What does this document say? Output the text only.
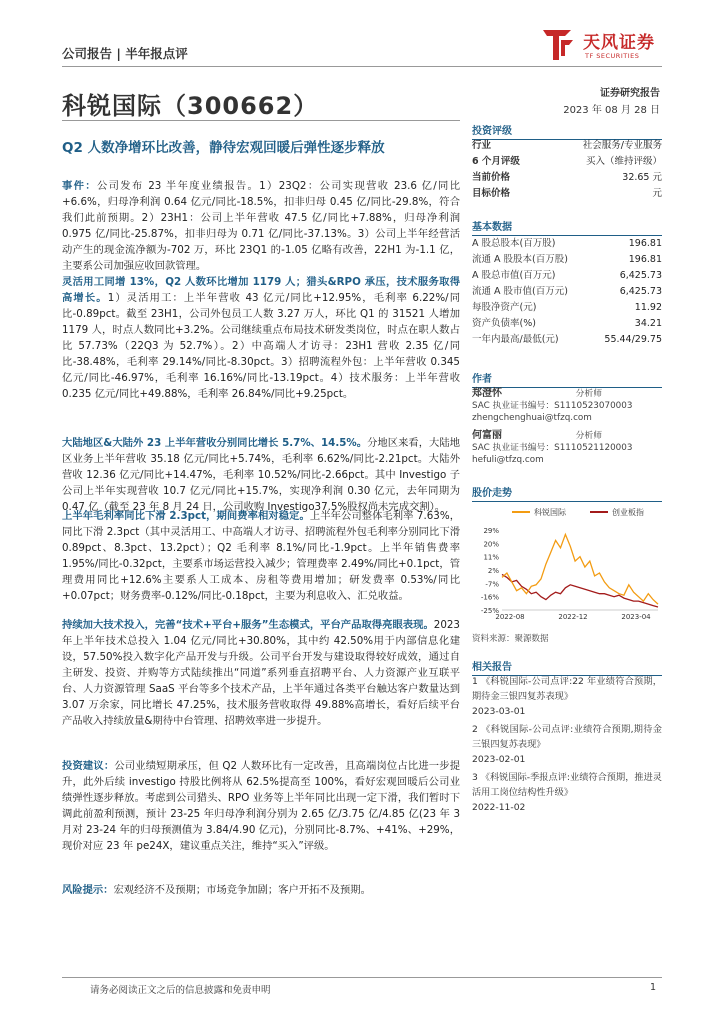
公司报告 | 半年报点评
天风证券
TF SECURITIES
科锐国际（300662）	证券研究报告
2023 年 08 月 28 日
Q2 人数净增环比改善，静待宏观回暖后弹性逐步释放

事件：公司发布 23 半年度业绩报告。1）23Q2：公司实现营收 23.6 亿/同比+6.6%，归母净利润 0.64 亿元/同比-18.5%，扣非归母 0.45 亿/同比-29.8%，符合我们此前预期。2）23H1：公司上半年营收 47.5 亿/同比+7.88%，归母净利润 0.975 亿/同比-25.87%，扣非归母为 0.71 亿/同比-37.13%。3）公司上半年经营活动产生的现金流净额为-702 万，环比 23Q1 的-1.05 亿略有改善，22H1 为-1.1 亿，主要系公司加强应收回款管理。

灵活用工同增 13%，Q2 人数环比增加 1179 人；猎头&RPO 承压，技术服务取得高增长。1）灵活用工：上半年营收 43 亿元/同比+12.95%，毛利率 6.22%/同比-0.89pct。截至 23H1，公司外包员工人数 3.27 万人，环比 Q1 的 31521 人增加 1179 人，时点人数同比+3.2%。公司继续重点布局技术研发类岗位，时点在职人数占比 57.73%（22Q3 为 52.7%）。2）中高端人才访寻：23H1 营收 2.35 亿/同比-38.48%，毛利率 29.14%/同比-8.30pct。3）招聘流程外包：上半年营收 0.345 亿元/同比-46.97%，毛利率 16.16%/同比-13.19pct。4）技术服务：上半年营收 0.235 亿元/同比+49.88%，毛利率 26.84%/同比+9.25pct。

大陆地区&大陆外 23 上半年营收分别同比增长 5.7%、14.5%。分地区来看，大陆地区业务上半年营收 35.18 亿元/同比+5.74%，毛利率 6.62%/同比-2.21pct。大陆外营收 12.36 亿元/同比+14.47%，毛利率 10.52%/同比-2.66pct。其中 Investigo 子公司上半年实现营收 10.7 亿元/同比+15.7%，实现净利润 0.30 亿元，去年同期为 0.47 亿（截至 23 年 8 月 24 日，公司收购 Investigo37.5%股权尚未完成交割）。

上半年毛利率同比下滑 2.3pct，期间费率相对稳定。上半年公司整体毛利率 7.63%，同比下滑 2.3pct（其中灵活用工、中高端人才访寻、招聘流程外包毛利率分别同比下滑 0.89pct、8.3pct、13.2pct）；Q2 毛利率 8.1%/同比-1.9pct。上半年销售费率 1.95%/同比-0.32pct，主要系市场运营投入减少；管理费率 2.49%/同比+0.1pct，管理费用同比+12.6%主要系人工成本、房租等费用增加；研发费率 0.53%/同比+0.07pct；财务费率-0.12%/同比-0.18pct，主要为利息收入、汇兑收益。

持续加大技术投入，完善“技术+平台+服务”生态模式，平台产品取得亮眼表现。2023 年上半年技术总投入 1.04 亿元/同比+30.80%，其中约 42.50%用于内部信息化建设，57.50%投入数字化产品开发与升级。公司平台开发与建设取得较好成效，通过自主研发、投资、并购等方式陆续推出“同道”系列垂直招聘平台、人力资源产业互联平台、人力资源管理 SaaS 平台等多个技术产品，上半年通过各类平台触达客户数量达到 3.07 万余家，同比增长 47.25%，技术服务营收取得 49.88%高增长，看好后续平台产品收入持续放量&期待中台管理、招聘效率进一步提升。

投资建议：公司业绩短期承压，但 Q2 人数环比有一定改善，且高端岗位占比进一步提升，此外后续 investigo 持股比例将从 62.5%提高至 100%，看好宏观回暖后公司业绩弹性逐步释放。考虑到公司猎头、RPO 业务等上半年同比出现一定下滑，我们暂时下调此前盈利预测，预计 23-25 年归母净利润分别为 2.65 亿/3.75 亿/4.85 亿(23 年 3 月对 23-24 年的归母预测值为 3.84/4.90 亿元)，分别同比-8.7%、+41%、+29%，现价对应 23 年 pe24X，建议重点关注，维持“买入”评级。

风险提示：宏观经济不及预期；市场竞争加剧；客户开拓不及预期。

投资评级
行业	社会服务/专业服务
6 个月评级	买入（维持评级）
当前价格	32.65 元
目标价格	元
基本数据
A 股总股本(百万股)	196.81
流通 A 股股本(百万股)	196.81
A 股总市值(百万元)	6,425.73
流通 A 股市值(百万元)	6,425.73
每股净资产(元)	11.92
资产负债率(%)	34.21
一年内最高/最低(元)	55.44/29.75
作者
郑澄怀	分析师
SAC 执业证书编号：S1110523070003
zhengchenghuai@tfzq.com
何富丽	分析师
SAC 执业证书编号：S1110521120003
hefuli@tfzq.com
股价走势
科锐国际	创业板指
29%
20%
11%
2%
-7%
-16%
-25%
2022-08	2022-12	2023-04
资料来源：聚源数据
相关报告
1 《科锐国际-公司点评:22 年业绩符合预期，期待金三银四复苏表现》
2023-03-01
2 《科锐国际-公司点评:业绩符合预期,期待金三银四复苏表现》
2023-02-01
3 《科锐国际-季报点评:业绩符合预期，推进灵活用工岗位结构性升级》
2022-11-02
请务必阅读正文之后的信息披露和免责申明	1
